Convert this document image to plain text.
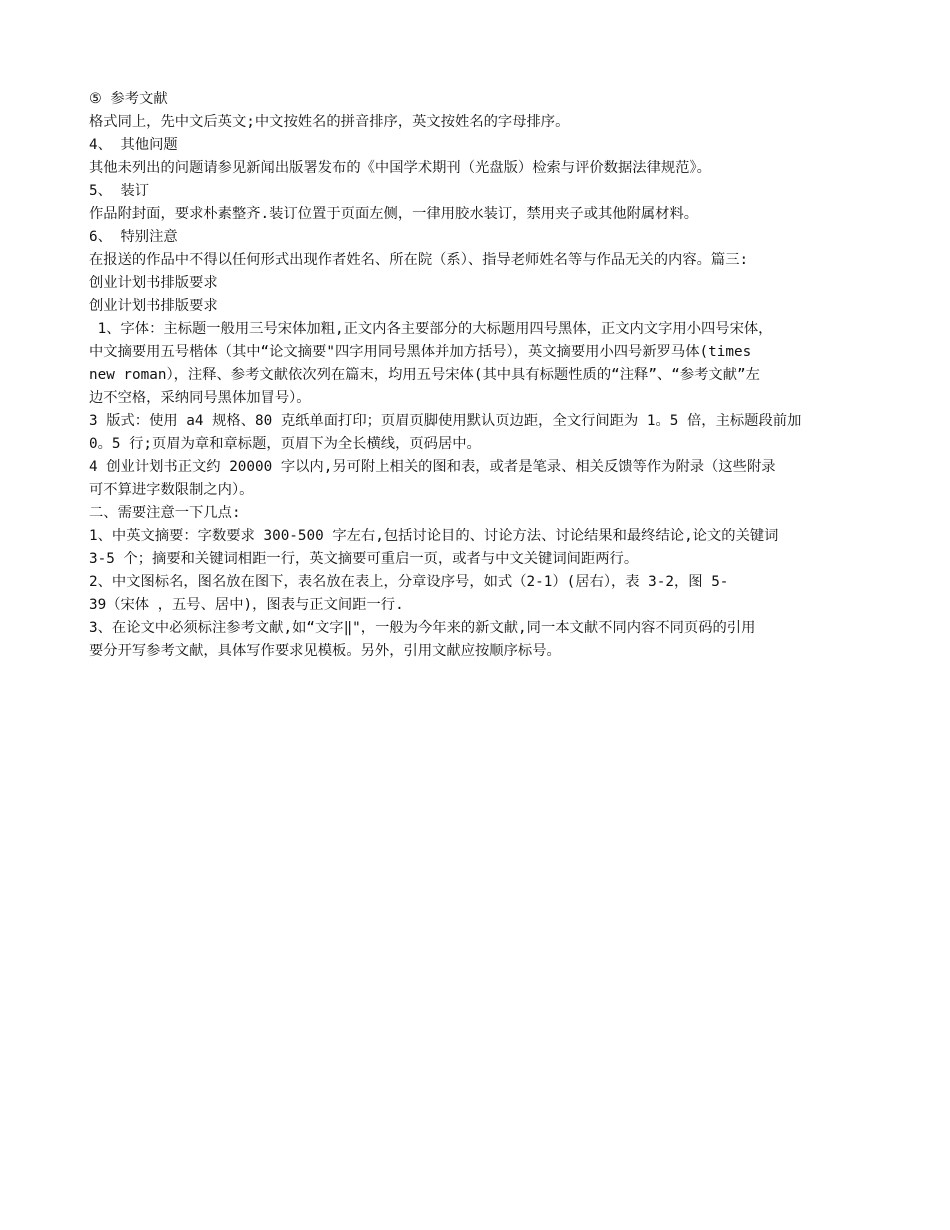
⑤ 参考文献
格式同上，先中文后英文;中文按姓名的拼音排序，英文按姓名的字母排序。
4、 其他问题
其他未列出的问题请参见新闻出版署发布的《中国学术期刊（光盘版）检索与评价数据法律规范》。
5、 装订
作品附封面，要求朴素整齐.装订位置于页面左侧，一律用胶水装订，禁用夹子或其他附属材料。
6、 特别注意
在报送的作品中不得以任何形式出现作者姓名、所在院（系）、指导老师姓名等与作品无关的内容。篇三:
创业计划书排版要求
创业计划书排版要求
1、字体：主标题一般用三号宋体加粗,正文内各主要部分的大标题用四号黑体，正文内文字用小四号宋体，
中文摘要用五号楷体（其中“论文摘要"四字用同号黑体并加方括号），英文摘要用小四号新罗马体(times
new roman），注释、参考文献依次列在篇末，均用五号宋体(其中具有标题性质的“注释”、“参考文献”左
边不空格，采纳同号黑体加冒号）。
3 版式：使用 a4 规格、80 克纸单面打印；页眉页脚使用默认页边距，全文行间距为 1。5 倍，主标题段前加
0。5 行;页眉为章和章标题，页眉下为全长横线，页码居中。
4 创业计划书正文约 20000 字以内,另可附上相关的图和表，或者是笔录、相关反馈等作为附录（这些附录
可不算进字数限制之内）。
二、需要注意一下几点:
1、中英文摘要：字数要求 300-500 字左右,包括讨论目的、讨论方法、讨论结果和最终结论,论文的关键词
3-5 个；摘要和关键词相距一行，英文摘要可重启一页，或者与中文关键词间距两行。
2、中文图标名，图名放在图下，表名放在表上，分章设序号，如式（2-1）(居右），表 3-2，图 5-
39（宋体 ，五号、居中)，图表与正文间距一行.
3、在论文中必须标注参考文献,如“文字‖"，一般为今年来的新文献,同一本文献不同内容不同页码的引用
要分开写参考文献，具体写作要求见模板。另外，引用文献应按顺序标号。
